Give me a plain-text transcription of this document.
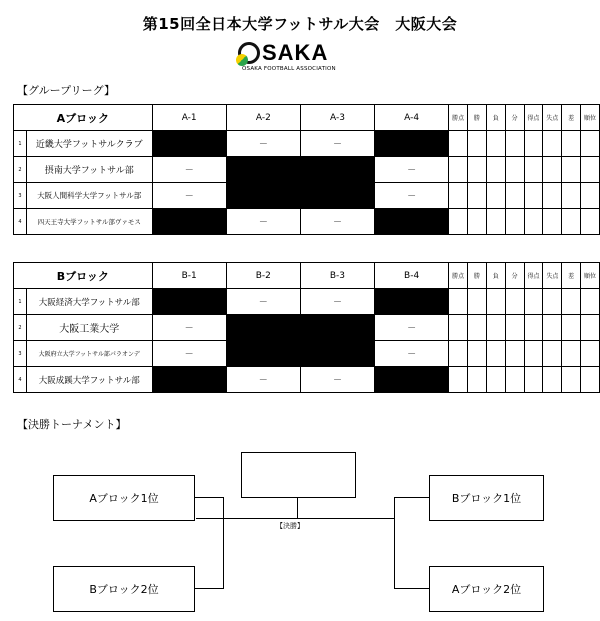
第15回全日本大学フットサル大会　大阪大会
SAKA
OSAKA FOOTBALL ASSOCIATION
【グループリーグ】
Aブロック		A-1	A-2	A-3	A-4	勝点	勝	負	分	得点	失点	差	順位
1	近畿大学フットサルクラブ		－	－									
2	摂南大学フットサル部	－			－								
3	大阪人間科学大学フットサル部	－			－								
4	四天王寺大学フットサル部ヴァモス		－	－									
Bブロック		B-1	B-2	B-3	B-4	勝点	勝	負	分	得点	失点	差	順位
1	大阪経済大学フットサル部		－	－									
2	大阪工業大学	－			－								
3	大阪府立大学フットサル部パラオンデ	－			－								
4	大阪成蹊大学フットサル部		－	－									
【決勝トーナメント】
【決勝】
Aブロック1位
Bブロック2位
Bブロック1位
Aブロック2位
